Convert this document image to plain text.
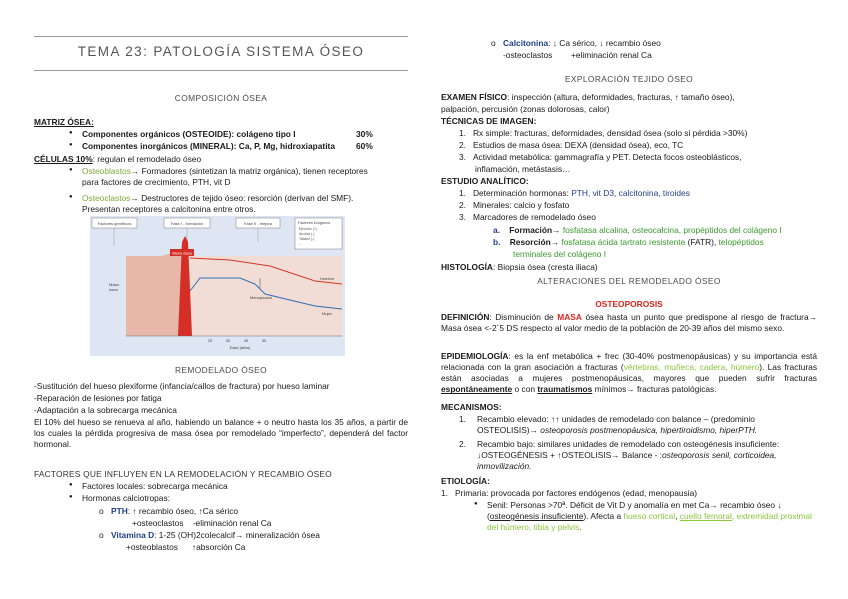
TEMA 23: PATOLOGÍA SISTEMA ÓSEO
COMPOSICIÓN ÓSEA
MATRIZ ÓSEA:
● Componentes orgánicos (OSTEOIDE): colágeno tipo I	30%
● Componentes inorgánicos (MINERAL): Ca, P, Mg, hidroxiapatita	60%
CÉLULAS 10%: regulan el remodelado óseo
● Osteoblastos→ Formadores (sintetizan la matriz orgánica), tienen receptores
para factores de crecimiento, PTH, vit D
● Osteoclastos→ Destructores de tejido óseo: resorción (derivan del SMF).
Presentan receptores a calcitonina entre otros.
Factores genéticos	Fase I - formación	Fase II - mejora	Factores exógenos
Ejercicio (+)
Alcohol (-)
Tabaco (-)
...
Masa ósea
Masa
ósea
Menopausia
Hombre
Mujer
25	35	45	55
Edad (años)
REMODELADO ÓSEO
-Sustitución del hueso plexiforme (infancia/callos de fractura) por hueso laminar
-Reparación de lesiones por fatiga
-Adaptación a la sobrecarga mecánica
El 10% del hueso se renueva al año, habiendo un balance + o neutro hasta los 35 años, a partir de los cuales la pérdida progresiva de masa ósea por remodelado “imperfecto”, dependerá del factor hormonal.
FACTORES QUE INFLUYEN EN LA REMODELACIÓN Y RECAMBIO ÓSEO
● Factores locales: sobrecarga mecánica
● Hormonas calciotropas:
o PTH: ↑ recambio óseo, ↑Ca sérico
+osteoclastos -eliminación renal Ca
o Vitamina D: 1-25 (OH)2colecalcif→ mineralización ósea
+osteoblastos ↑absorción Ca
o Calcitonina: ↓ Ca sérico, ↓ recambio óseo
-osteoclastos +eliminación renal Ca
EXPLORACIÓN TEJIDO ÓSEO
EXAMEN FÍSICO: inspección (altura, deformidades, fracturas, ↑ tamaño óseo),
palpación, percusión (zonas dolorosas, calor)
TÉCNICAS DE IMAGEN:
1.   Rx simple: fracturas, deformidades, densidad ósea (solo si pérdida >30%)
2.   Estudios de masa ósea: DEXA (densidad ósea), eco, TC
3.   Actividad metabólica: gammagrafía y PET. Detecta focos osteoblásticos,
inflamación, metástasis…
ESTUDIO ANALÍTICO:
1.   Determinación hormonas: PTH, vit D3, calcitonina, tiroides
2.   Minerales: calcio y fosfato
3.   Marcadores de remodelado óseo
a.    Formación→ fosfatasa alcalina, osteocalcina, propéptidos del colágeno I
b.    Resorción→ fosfatasa ácida tartrato resistente (FATR), telopéptidos
terminales del colágeno I
HISTOLOGÍA: Biopsia ósea (cresta iliaca)
ALTERACIONES DEL REMODELADO ÓSEO
OSTEOPOROSIS
DEFINICIÓN: Disminución de MASA ósea hasta un punto que predispone al riesgo de fractura→ Masa ósea <-2´5 DS respecto al valor medio de la población de 20-39 años del mismo sexo.
EPIDEMIOLOGÍA: es la enf metabólica + frec (30-40% postmenopáusicas) y su importancia está relacionada con la gran asociación a fracturas (vértebras, muñeca, cadera, húmero). Las fracturas están asociadas a mujeres postmenopáusicas, mayores que pueden sufrir fracturas espontáneamente o con traumatismos mínimos→ fracturas patológicas.
MECANISMOS:
1. Recambio elevado: ↑↑ unidades de remodelado con balance – (predominio OSTEOLISIS)→ osteoporosis postmenopáusica, hipertiroidismo, hiperPTH.
2. Recambio bajo: similares unidades de remodelado con osteogénesis insuficiente: ↓OSTEOGÉNESIS + ↑OSTEOLISIS→ Balance - :osteoporosis senil, corticoidea, inmovilización.
ETIOLOGÍA:
1.   Primaria: provocada por factores endógenos (edad, menopausia)
● Senil: Personas >70ª. Déficit de Vit D y anomalía en met Ca→ recambio óseo ↓ (osteogénesis insuficiente). Afecta a hueso cortical, cuello femoral, extremidad proximal del húmero, tibia y pelvis.
